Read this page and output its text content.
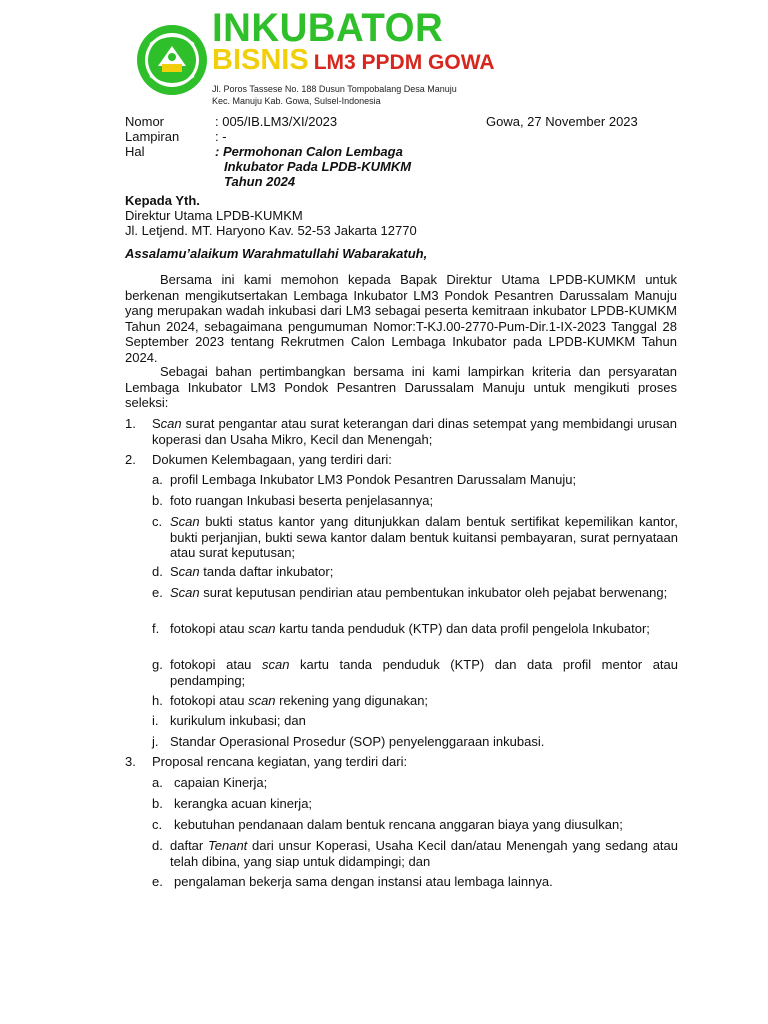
INKUBATOR
BISNIS LM3 PPDM GOWA
Jl. Poros Tassese No. 188 Dusun Tompobalang Desa Manuju
Kec. Manuju Kab. Gowa, Sulsel-Indonesia
Nomor	: 005/IB.LM3/XI/2023
Lampiran	: -
Hal	: Permohonan Calon Lembaga
Inkubator Pada LPDB-KUMKM
Tahun 2024
Gowa, 27 November 2023
Kepada Yth.
Direktur Utama LPDB-KUMKM
Jl. Letjend. MT. Haryono Kav. 52-53 Jakarta 12770
Assalamu’alaikum Warahmatullahi Wabarakatuh,
Bersama ini kami memohon kepada Bapak Direktur Utama LPDB-KUMKM untuk berkenan mengikutsertakan Lembaga Inkubator LM3 Pondok Pesantren Darussalam Manuju yang merupakan wadah inkubasi dari LM3 sebagai peserta kemitraan inkubator LPDB-KUMKM Tahun 2024, sebagaimana pengumuman Nomor:T-KJ.00-2770-Pum-Dir.1-IX-2023 Tanggal 28 September 2023 tentang Rekrutmen Calon Lembaga Inkubator pada LPDB-KUMKM Tahun 2024.
Sebagai bahan pertimbangkan bersama ini kami lampirkan kriteria dan persyaratan Lembaga Inkubator LM3 Pondok Pesantren Darussalam Manuju untuk mengikuti proses seleksi:
1. Scan surat pengantar atau surat keterangan dari dinas setempat yang membidangi urusan koperasi dan Usaha Mikro, Kecil dan Menengah;
2. Dokumen Kelembagaan, yang terdiri dari:
a. profil Lembaga Inkubator LM3 Pondok Pesantren Darussalam Manuju;
b. foto ruangan Inkubasi beserta penjelasannya;
c. Scan bukti status kantor yang ditunjukkan dalam bentuk sertifikat kepemilikan kantor, bukti perjanjian, bukti sewa kantor dalam bentuk kuitansi pembayaran, surat pernyataan atau surat keputusan;
d. Scan tanda daftar inkubator;
e. Scan surat keputusan pendirian atau pembentukan inkubator oleh pejabat berwenang;
f. fotokopi atau scan kartu tanda penduduk (KTP) dan data profil pengelola Inkubator;
g. fotokopi atau scan kartu tanda penduduk (KTP) dan data profil mentor atau pendamping;
h. fotokopi atau scan rekening yang digunakan;
i. kurikulum inkubasi; dan
j. Standar Operasional Prosedur (SOP) penyelenggaraan inkubasi.
3. Proposal rencana kegiatan, yang terdiri dari:
a. capaian Kinerja;
b. kerangka acuan kinerja;
c. kebutuhan pendanaan dalam bentuk rencana anggaran biaya yang diusulkan;
d. daftar Tenant dari unsur Koperasi, Usaha Kecil dan/atau Menengah yang sedang atau telah dibina, yang siap untuk didampingi; dan
e. pengalaman bekerja sama dengan instansi atau lembaga lainnya.
